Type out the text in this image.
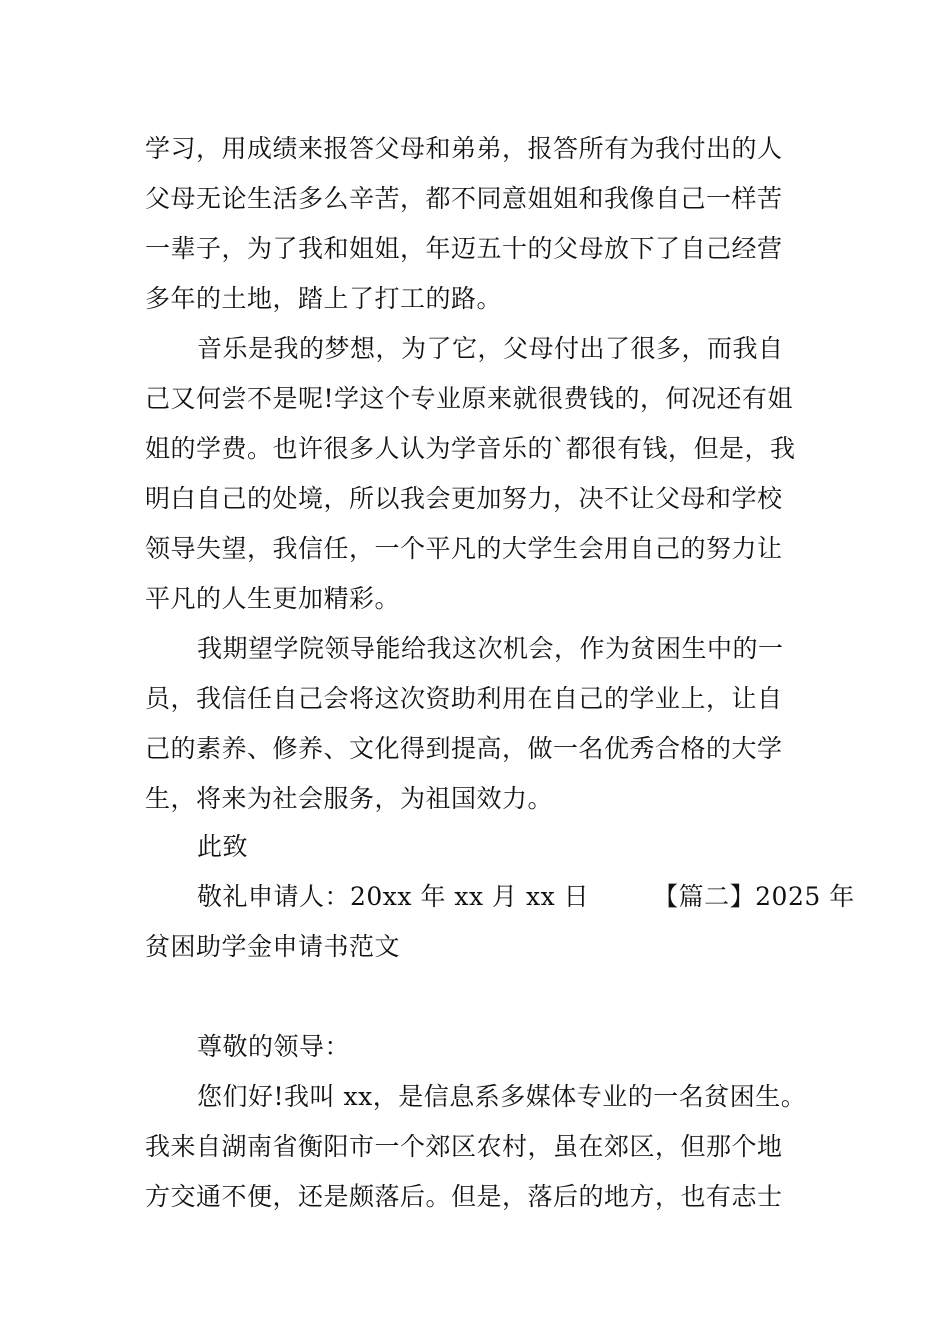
学习，用成绩来报答父母和弟弟，报答所有为我付出的人
父母无论生活多么辛苦，都不同意姐姐和我像自己一样苦
一辈子，为了我和姐姐，年迈五十的父母放下了自己经营
多年的土地，踏上了打工的路。
音乐是我的梦想，为了它，父母付出了很多，而我自
己又何尝不是呢!学这个专业原来就很费钱的，何况还有姐
姐的学费。也许很多人认为学音乐的`都很有钱，但是，我
明白自己的处境，所以我会更加努力，决不让父母和学校
领导失望，我信任，一个平凡的大学生会用自己的努力让
平凡的人生更加精彩。
我期望学院领导能给我这次机会，作为贫困生中的一
员，我信任自己会将这次资助利用在自己的学业上，让自
己的素养、修养、文化得到提高，做一名优秀合格的大学
生，将来为社会服务，为祖国效力。
此致
敬礼申请人：20xx 年 xx 月 xx 日　　　【篇二】2025 年
贫困助学金申请书范文
尊敬的领导：
您们好!我叫 xx，是信息系多媒体专业的一名贫困生。
我来自湖南省衡阳市一个郊区农村，虽在郊区，但那个地
方交通不便，还是颇落后。但是，落后的地方，也有志士
